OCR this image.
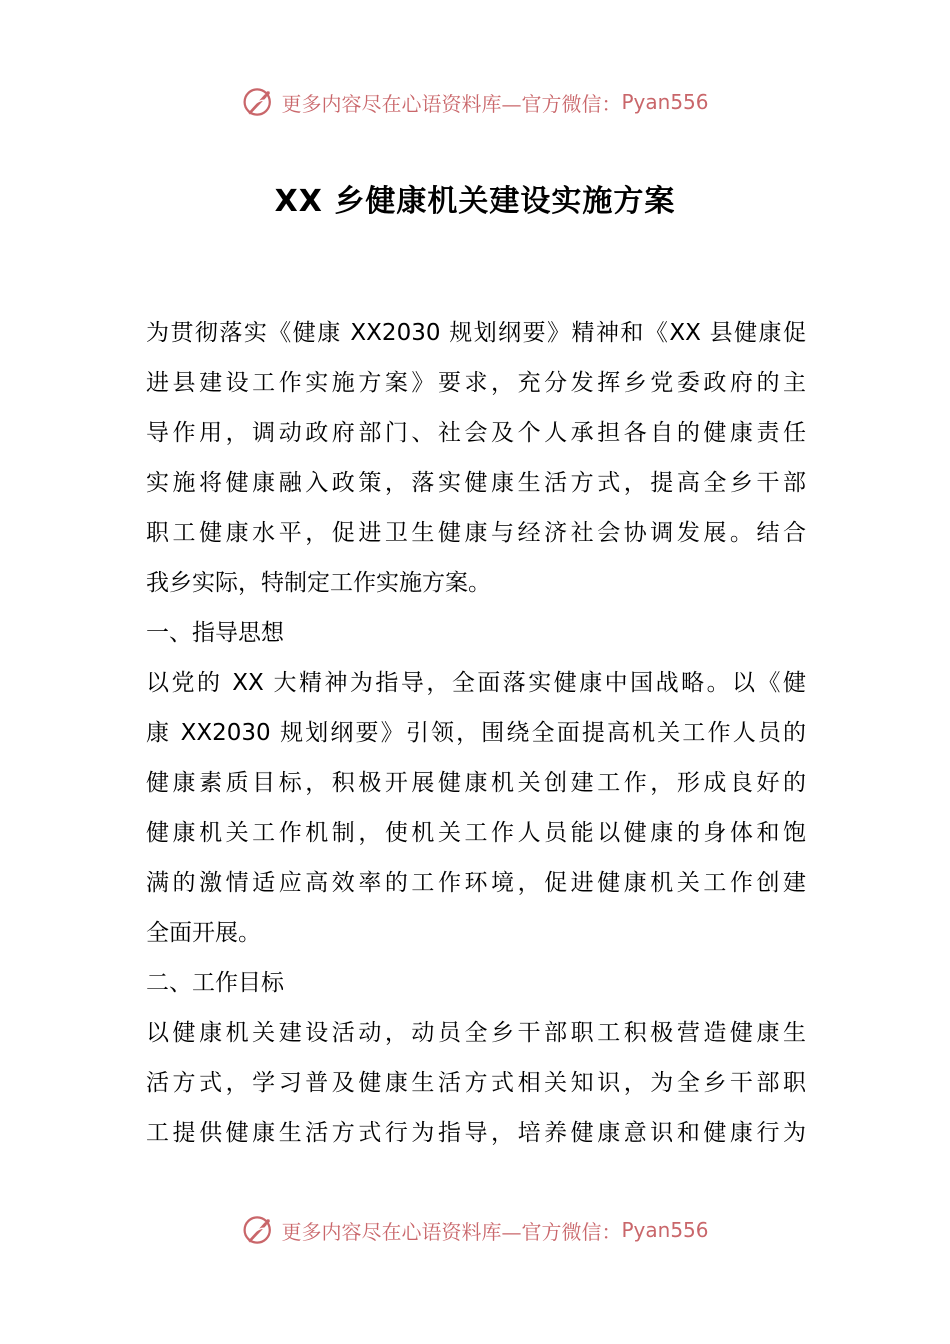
更多内容尽在心语资料库—官方微信： Pyan556
XX 乡健康机关建设实施方案
为贯彻落实《健康 XX2030 规划纲要》精神和《XX 县健康促
进县建设工作实施方案》要求，充分发挥乡党委政府的主
导作用，调动政府部门、社会及个人承担各自的健康责任
实施将健康融入政策，落实健康生活方式，提高全乡干部
职工健康水平，促进卫生健康与经济社会协调发展。结合
我乡实际，特制定工作实施方案。
一、指导思想
以党的 XX 大精神为指导，全面落实健康中国战略。以《健
康 XX2030 规划纲要》引领，围绕全面提高机关工作人员的
健康素质目标，积极开展健康机关创建工作，形成良好的
健康机关工作机制，使机关工作人员能以健康的身体和饱
满的激情适应高效率的工作环境，促进健康机关工作创建
全面开展。
二、工作目标
以健康机关建设活动，动员全乡干部职工积极营造健康生
活方式，学习普及健康生活方式相关知识，为全乡干部职
工提供健康生活方式行为指导，培养健康意识和健康行为
更多内容尽在心语资料库—官方微信： Pyan556
